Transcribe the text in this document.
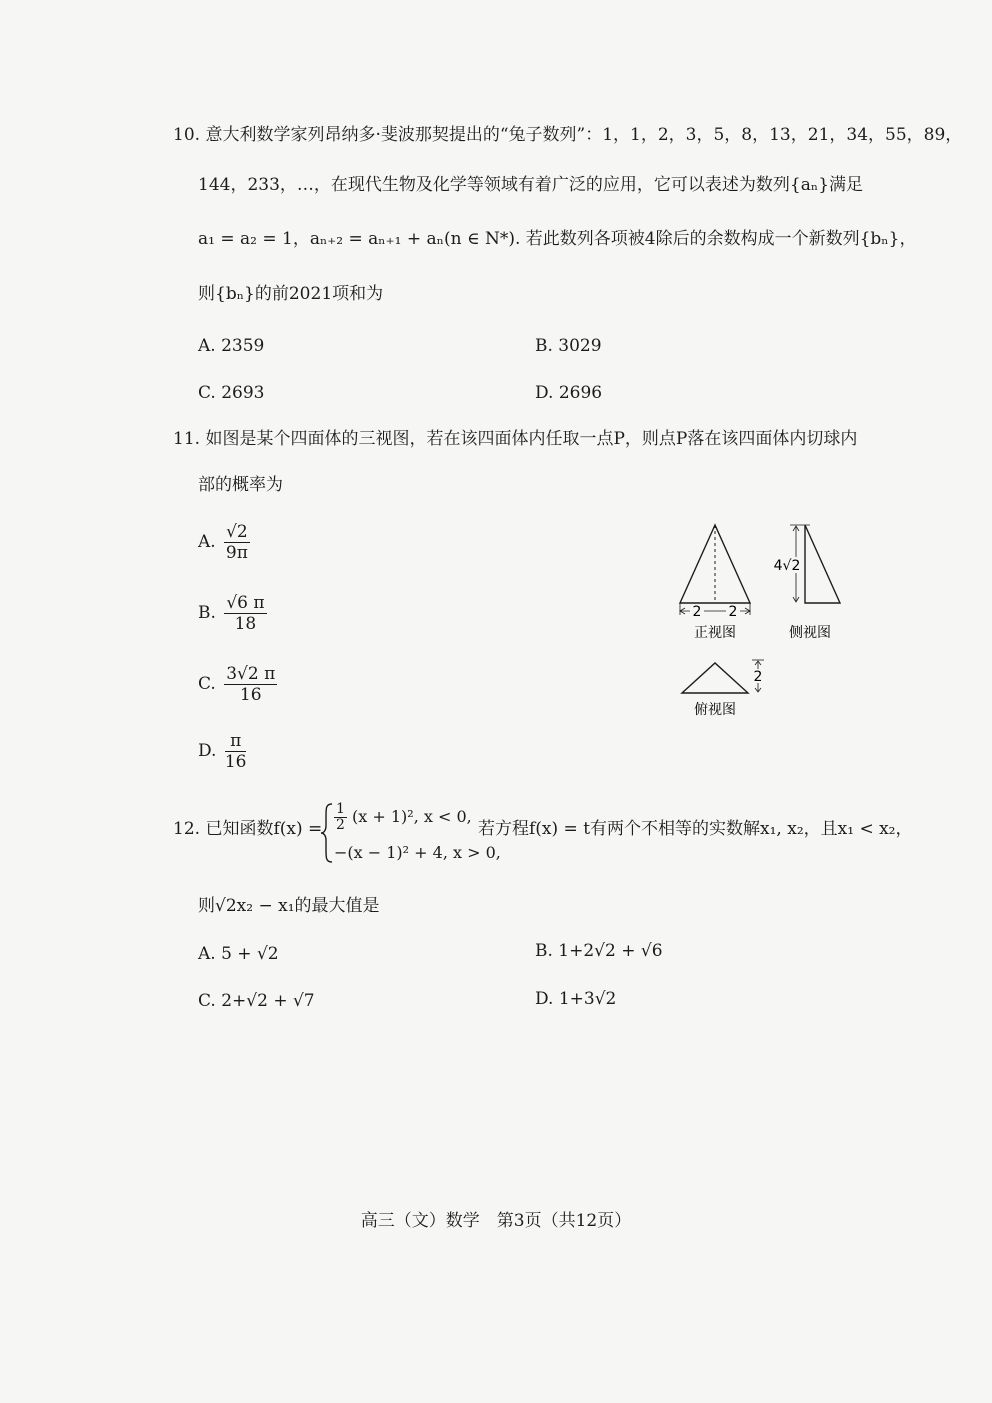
10. 意大利数学家列昂纳多·斐波那契提出的“兔子数列”：1，1，2，3，5，8，13，21，34，55，89，
144，233，…，在现代生物及化学等领域有着广泛的应用，它可以表述为数列{aₙ}满足
a₁ = a₂ = 1，aₙ₊₂ = aₙ₊₁ + aₙ(n ∈ N*). 若此数列各项被4除后的余数构成一个新数列{bₙ}，
则{bₙ}的前2021项和为
A. 2359	B. 3029
C. 2693	D. 2696
11. 如图是某个四面体的三视图，若在该四面体内任取一点P，则点P落在该四面体内切球内
部的概率为
A. $\frac{√2}{9\pi}$
B. $\frac{√6 \pi}{18}$
C. $\frac{3√2 \pi}{16}$
D. $\frac{\pi}{16}$
2 2
正视图
4√2
侧视图
2
俯视图
12. 已知函数$f(x) = \frac{1}{2} (x + 1)^2$, x < 0,
−(x − 1)² + 4, x > 0,
若方程f(x) = t有两个不相等的实数解x₁, x₂，且x₁ < x₂，
则√2x₂ − x₁的最大值是
A. 5 + √2	B. 1+2√2 + √6
C. 2+√2 + √7	D. 1+3√2
高三（文）数学　第3页（共12页）
